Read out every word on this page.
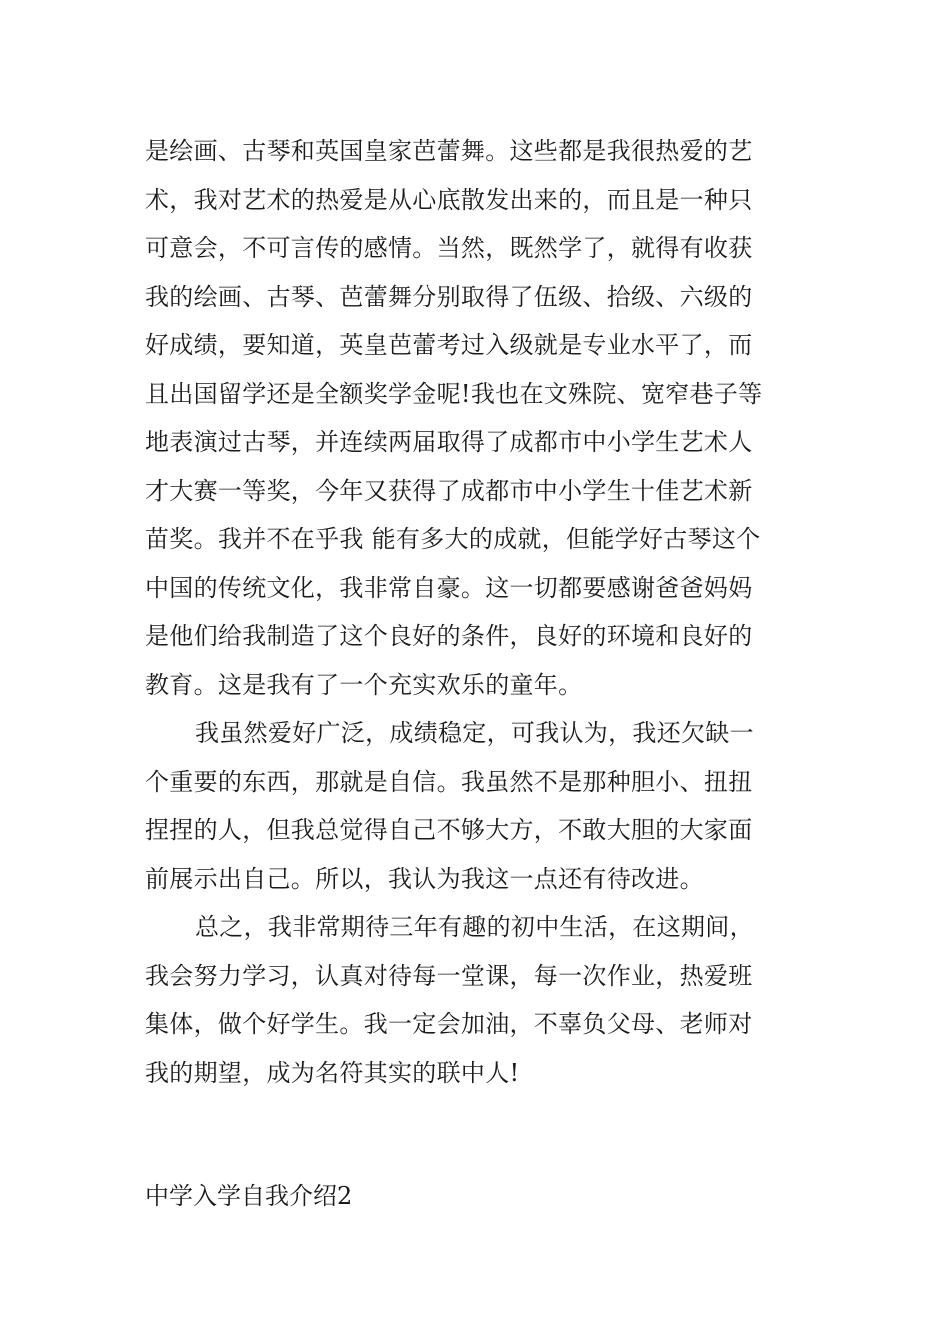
是绘画、古琴和英国皇家芭蕾舞。这些都是我很热爱的艺
术，我对艺术的热爱是从心底散发出来的，而且是一种只
可意会，不可言传的感情。当然，既然学了，就得有收获
我的绘画、古琴、芭蕾舞分别取得了伍级、拾级、六级的
好成绩，要知道，英皇芭蕾考过入级就是专业水平了，而
且出国留学还是全额奖学金呢!我也在文殊院、宽窄巷子等
地表演过古琴，并连续两届取得了成都市中小学生艺术人
才大赛一等奖，今年又获得了成都市中小学生十佳艺术新
苗奖。我并不在乎我 能有多大的成就，但能学好古琴这个
中国的传统文化，我非常自豪。这一切都要感谢爸爸妈妈
是他们给我制造了这个良好的条件，良好的环境和良好的
教育。这是我有了一个充实欢乐的童年。
我虽然爱好广泛，成绩稳定，可我认为，我还欠缺一
个重要的东西，那就是自信。我虽然不是那种胆小、扭扭
捏捏的人，但我总觉得自己不够大方，不敢大胆的大家面
前展示出自己。所以，我认为我这一点还有待改进。
总之，我非常期待三年有趣的初中生活，在这期间，
我会努力学习，认真对待每一堂课，每一次作业，热爱班
集体，做个好学生。我一定会加油，不辜负父母、老师对
我的期望，成为名符其实的联中人!
中学入学自我介绍2
